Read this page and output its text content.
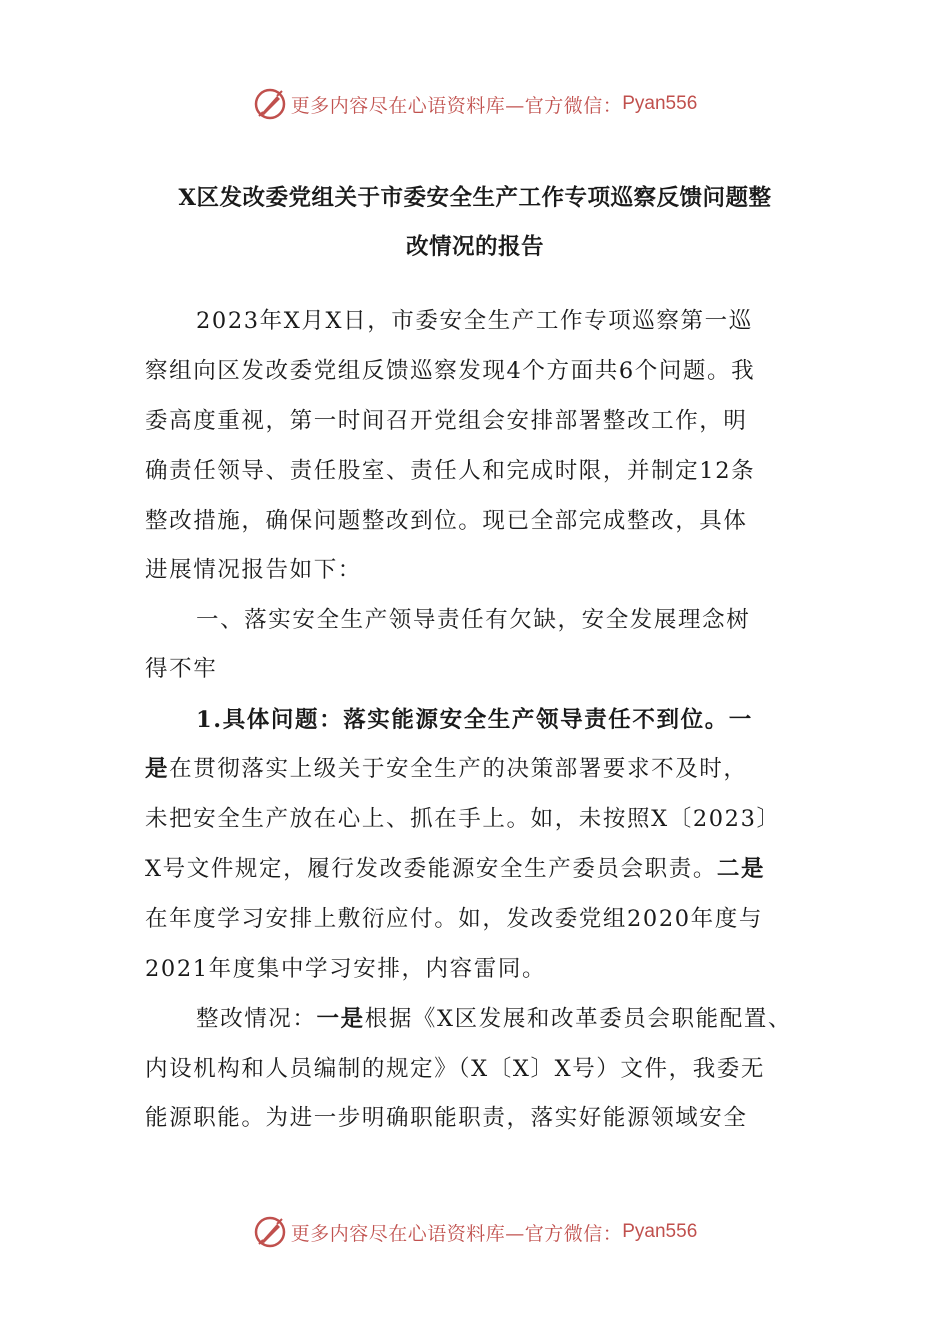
更多内容尽在心语资料库—官方微信： Pyan556
X区发改委党组关于市委安全生产工作专项巡察反馈问题整
改情况的报告
2023年X月X日，市委安全生产工作专项巡察第一巡
察组向区发改委党组反馈巡察发现4个方面共6个问题。我
委高度重视，第一时间召开党组会安排部署整改工作，明
确责任领导、责任股室、责任人和完成时限，并制定12条
整改措施，确保问题整改到位。现已全部完成整改，具体
进展情况报告如下：
一、落实安全生产领导责任有欠缺，安全发展理念树
得不牢
1.具体问题：落实能源安全生产领导责任不到位。一
是在贯彻落实上级关于安全生产的决策部署要求不及时，
未把安全生产放在心上、抓在手上。如，未按照X〔2023〕
X号文件规定，履行发改委能源安全生产委员会职责。二是
在年度学习安排上敷衍应付。如，发改委党组2020年度与
2021年度集中学习安排，内容雷同。
整改情况：一是根据《X区发展和改革委员会职能配置、
内设机构和人员编制的规定》（X〔X〕X号）文件，我委无
能源职能。为进一步明确职能职责，落实好能源领域安全
更多内容尽在心语资料库—官方微信： Pyan556
